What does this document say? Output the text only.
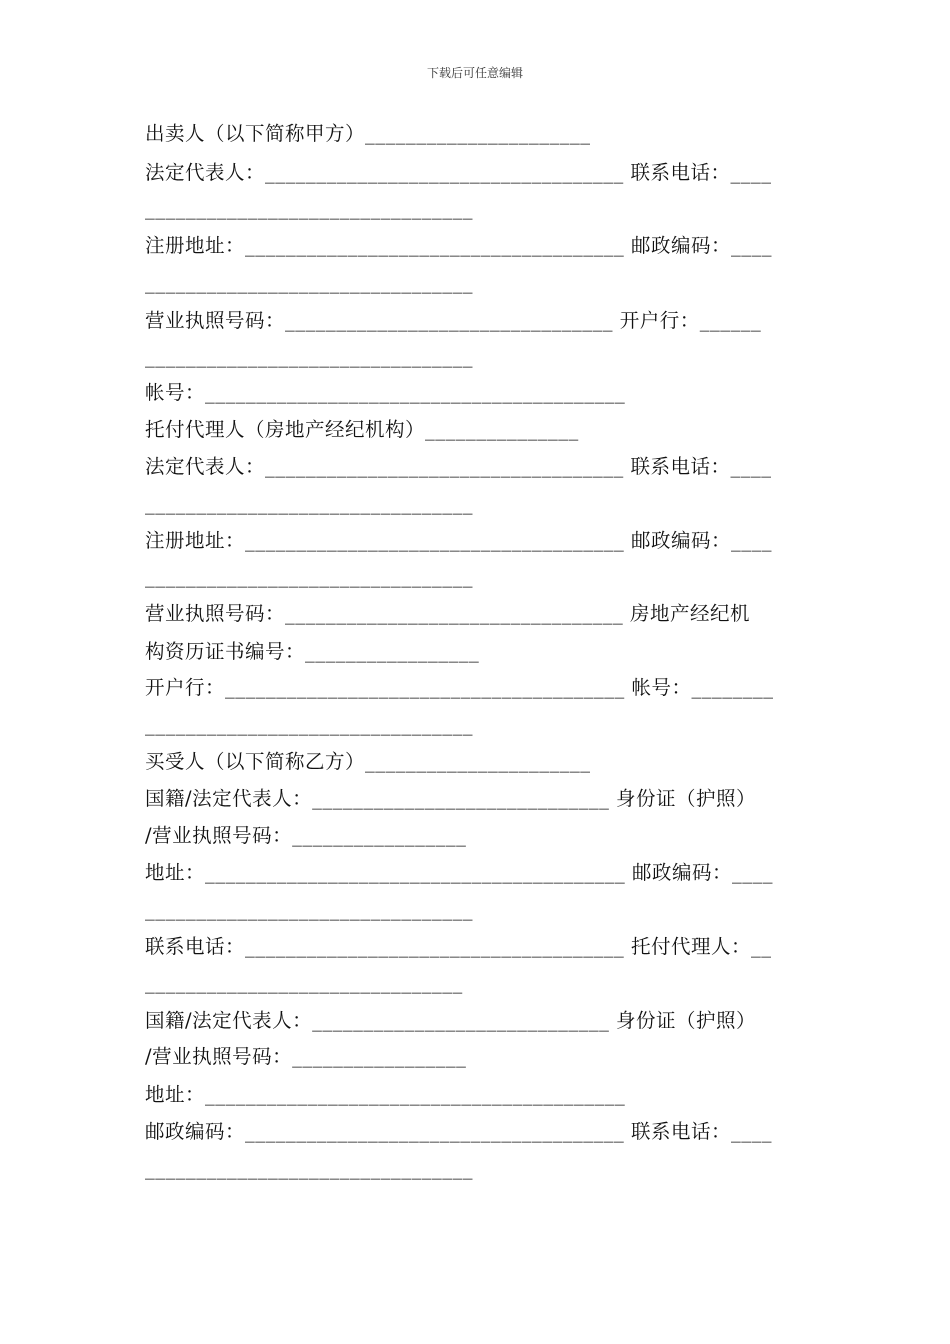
下载后可任意编辑
出卖人（以下简称甲方）______________________
法定代表人：___________________________________ 联系电话：____
________________________________
注册地址：_____________________________________ 邮政编码：____
________________________________
营业执照号码：________________________________ 开户行：______
________________________________
帐号：_________________________________________
托付代理人（房地产经纪机构）_______________
法定代表人：___________________________________ 联系电话：____
________________________________
注册地址：_____________________________________ 邮政编码：____
________________________________
营业执照号码：_________________________________ 房地产经纪机
构资历证书编号：_________________
开户行：_______________________________________ 帐号：________
________________________________
买受人（以下简称乙方）______________________
国籍/法定代表人：_____________________________ 身份证（护照）
/营业执照号码：_________________
地址：_________________________________________ 邮政编码：____
________________________________
联系电话：_____________________________________ 托付代理人：__
_______________________________
国籍/法定代表人：_____________________________ 身份证（护照）
/营业执照号码：_________________
地址：_________________________________________
邮政编码：_____________________________________ 联系电话：____
________________________________
